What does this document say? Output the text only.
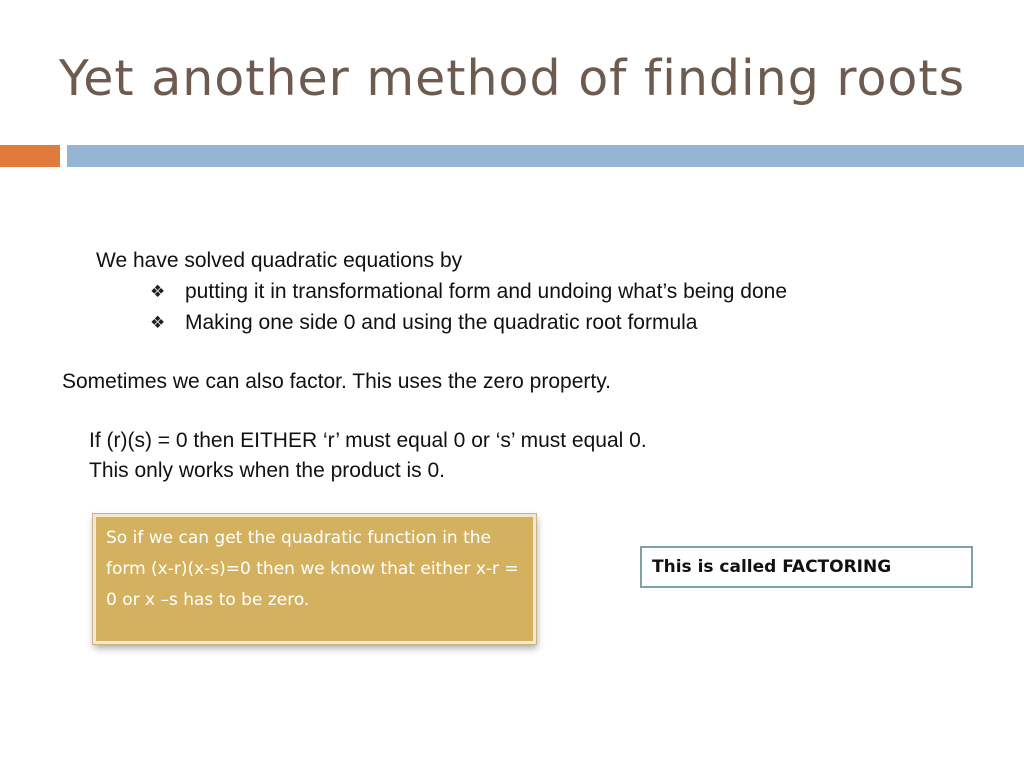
Yet another method of finding roots
We have solved quadratic equations by
❖ putting it in transformational form and undoing what’s being done
❖ Making one side 0 and using the quadratic root formula
Sometimes we can also factor. This uses the zero property.
If (r)(s) = 0 then EITHER ‘r’ must equal 0 or ‘s’ must equal 0.
This only works when the product is 0.
So if we can get the quadratic function in the form (x-r)(x-s)=0 then we know that either x-r = 0 or x –s has to be zero.
This is called FACTORING
